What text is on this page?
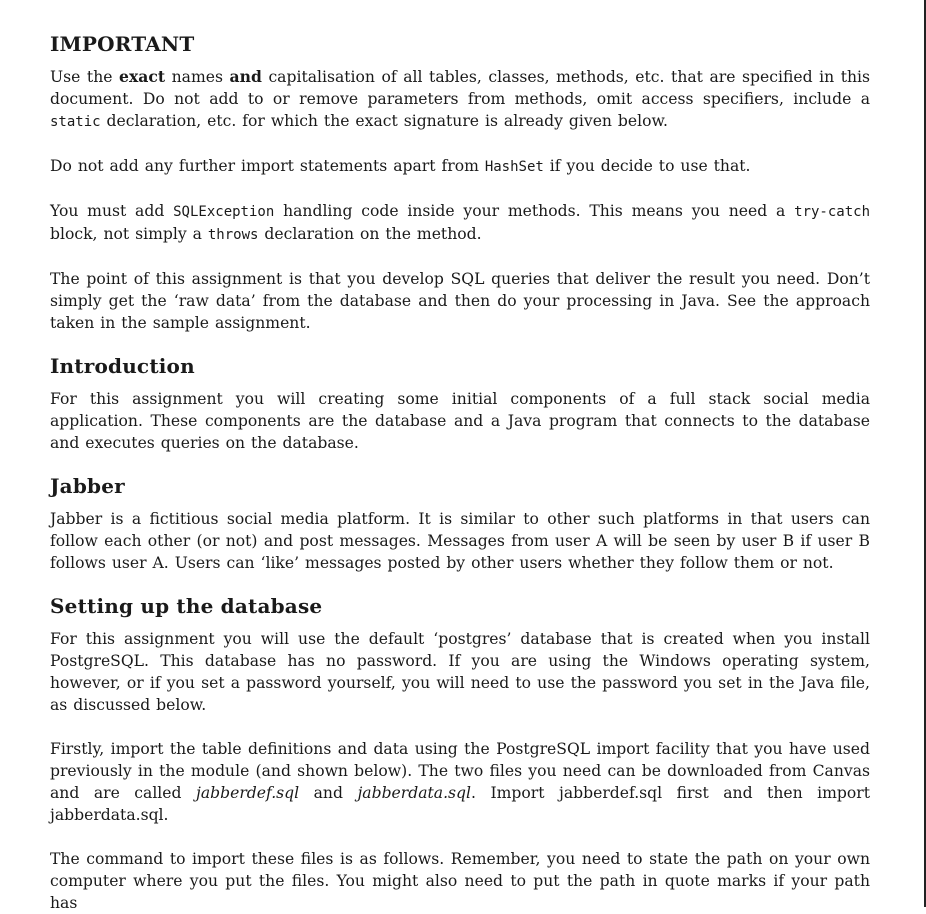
IMPORTANT

Use the exact names and capitalisation of all tables, classes, methods, etc. that are specified in this document. Do not add to or remove parameters from methods, omit access specifiers, include a static declaration, etc. for which the exact signature is already given below.

Do not add any further import statements apart from HashSet if you decide to use that.

You must add SQLException handling code inside your methods. This means you need a try-catch block, not simply a throws declaration on the method.

The point of this assignment is that you develop SQL queries that deliver the result you need. Don’t simply get the ‘raw data’ from the database and then do your processing in Java. See the approach taken in the sample assignment.

Introduction

For this assignment you will creating some initial components of a full stack social media application. These components are the database and a Java program that connects to the database and executes queries on the database.

Jabber

Jabber is a fictitious social media platform. It is similar to other such platforms in that users can follow each other (or not) and post messages. Messages from user A will be seen by user B if user B follows user A. Users can ‘like’ messages posted by other users whether they follow them or not.

Setting up the database

For this assignment you will use the default ‘postgres’ database that is created when you install PostgreSQL. This database has no password. If you are using the Windows operating system, however, or if you set a password yourself, you will need to use the password you set in the Java file, as discussed below.

Firstly, import the table definitions and data using the PostgreSQL import facility that you have used previously in the module (and shown below). The two files you need can be downloaded from Canvas and are called jabberdef.sql and jabberdata.sql. Import jabberdef.sql first and then import jabberdata.sql.

The command to import these files is as follows. Remember, you need to state the path on your own computer where you put the files. You might also need to put the path in quote marks if your path has
